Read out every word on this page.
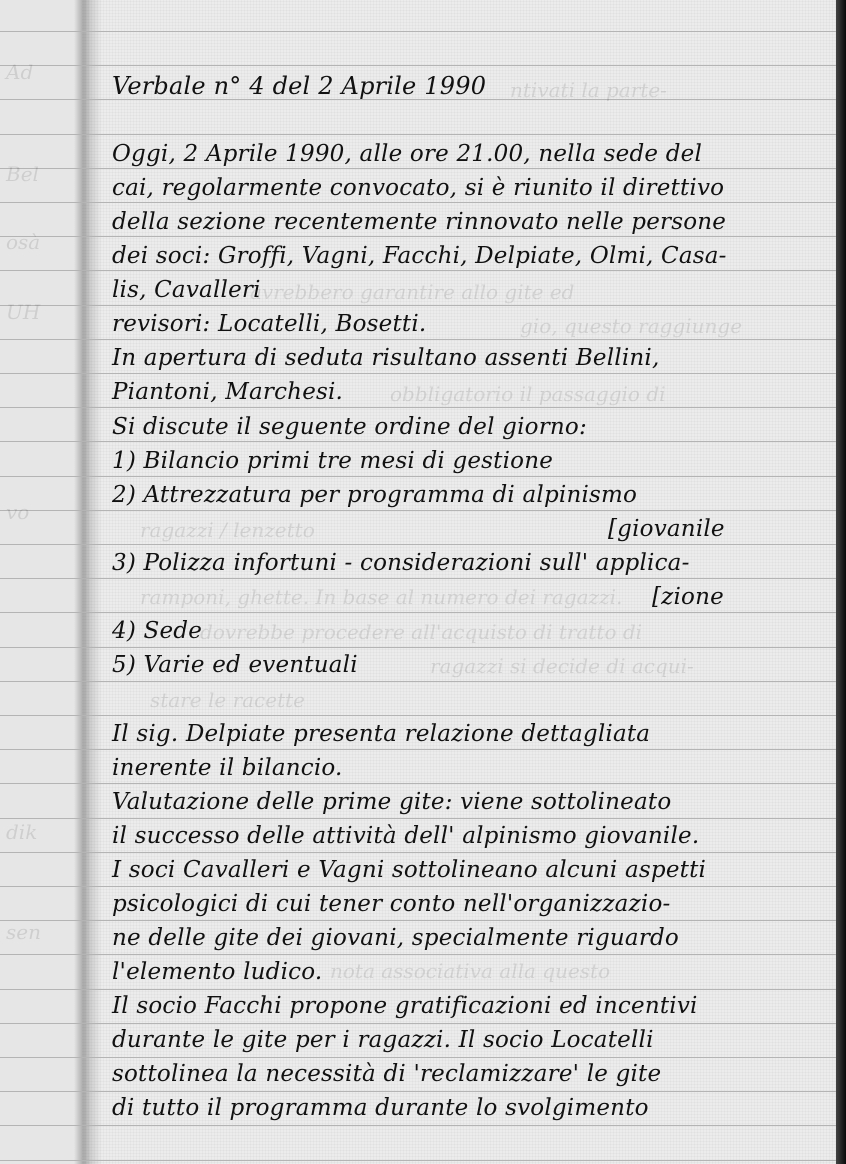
ntivati la parte-
avrebbero garantire allo gite ed
gio, questo raggiunge
obbligatorio il passaggio di
ragazzi / lenzetto
ramponi, ghette. In base al numero dei ragazzi.
dovrebbe procedere all'acquisto di tratto di
ragazzi si decide di acqui-
stare le racette
nota associativa alla questo
Ad
Bel
osà
UH
vo
dik
sen
Verbale n° 4 del 2 Aprile 1990
Oggi, 2 Aprile 1990, alle ore 21.00, nella sede del
cai, regolarmente convocato, si è riunito il direttivo
della sezione recentemente rinnovato nelle persone
dei soci: Groffi, Vagni, Facchi, Delpiate, Olmi, Casa-
lis, Cavalleri
revisori: Locatelli, Bosetti.
In apertura di seduta risultano assenti Bellini,
Piantoni, Marchesi.
Si discute il seguente ordine del giorno:
1) Bilancio primi tre mesi di gestione
2) Attrezzatura per programma di alpinismo
[giovanile
3) Polizza infortuni - considerazioni sull' applica-
[zione
4) Sede
5) Varie ed eventuali
Il sig. Delpiate presenta relazione dettagliata
inerente il bilancio.
Valutazione delle prime gite: viene sottolineato
il successo delle attività dell' alpinismo giovanile.
I soci Cavalleri e Vagni sottolineano alcuni aspetti
psicologici di cui tener conto nell'organizzazio-
ne delle gite dei giovani, specialmente riguardo
l'elemento ludico.
Il socio Facchi propone gratificazioni ed incentivi
durante le gite per i ragazzi. Il socio Locatelli
sottolinea la necessità di 'reclamizzare' le gite
di tutto il programma durante lo svolgimento
